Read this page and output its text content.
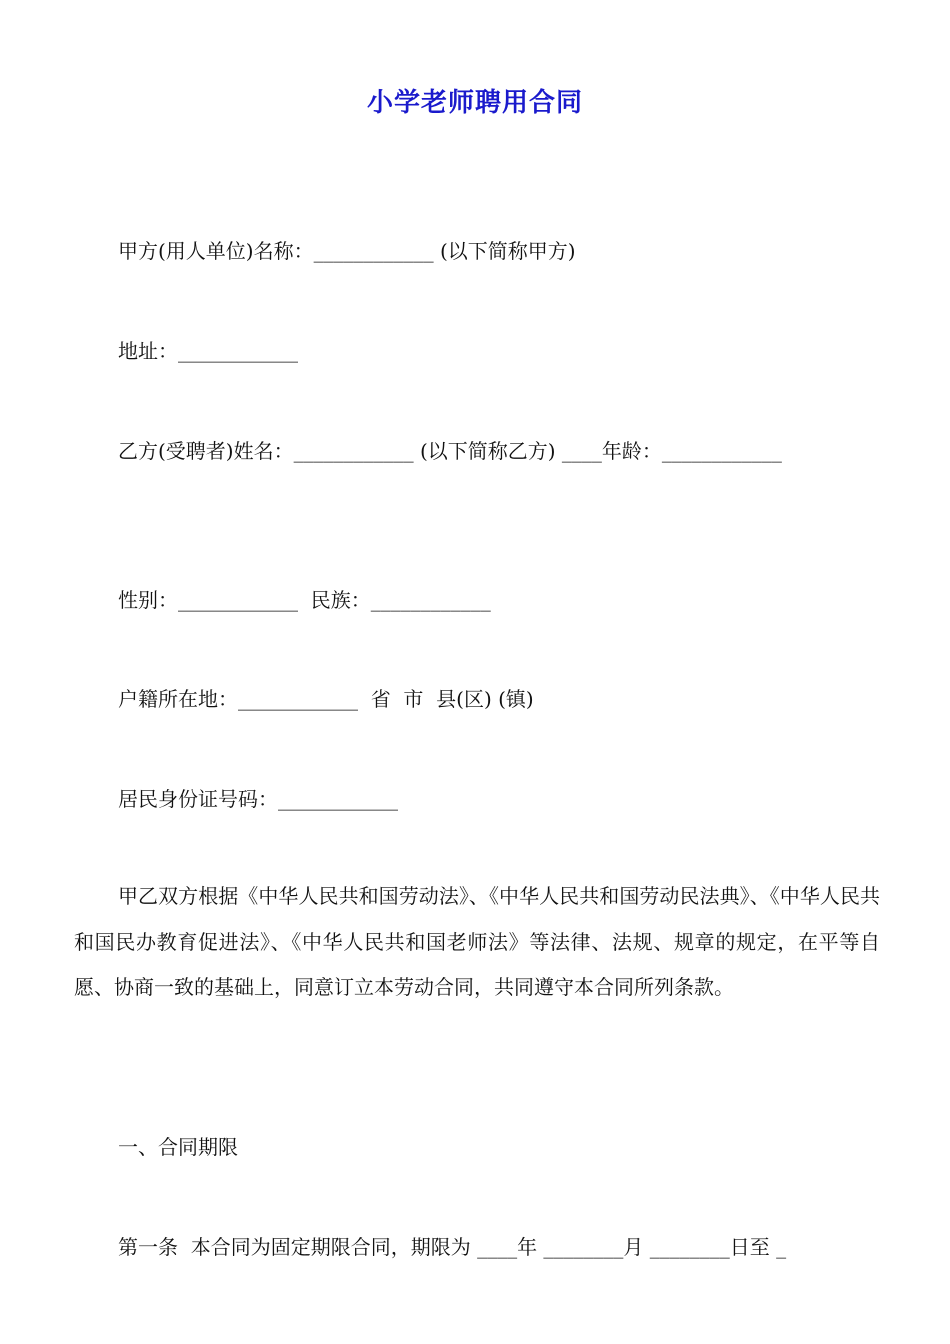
小学老师聘用合同
甲方(用人单位)名称：____________ (以下简称甲方)
地址：____________
乙方(受聘者)姓名：____________ (以下简称乙方) ____年龄：____________
性别：____________  民族：____________
户籍所在地：____________  省  市  县(区) (镇)
居民身份证号码：____________
甲乙双方根据《中华人民共和国劳动法》、《中华人民共和国劳动民法典》、《中华人民共和国民办教育促进法》、《中华人民共和国老师法》等法律、法规、规章的规定，在平等自愿、协商一致的基础上，同意订立本劳动合同，共同遵守本合同所列条款。
一、合同期限
第一条  本合同为固定期限合同，期限为 ____年 ________月 ________日至 _
